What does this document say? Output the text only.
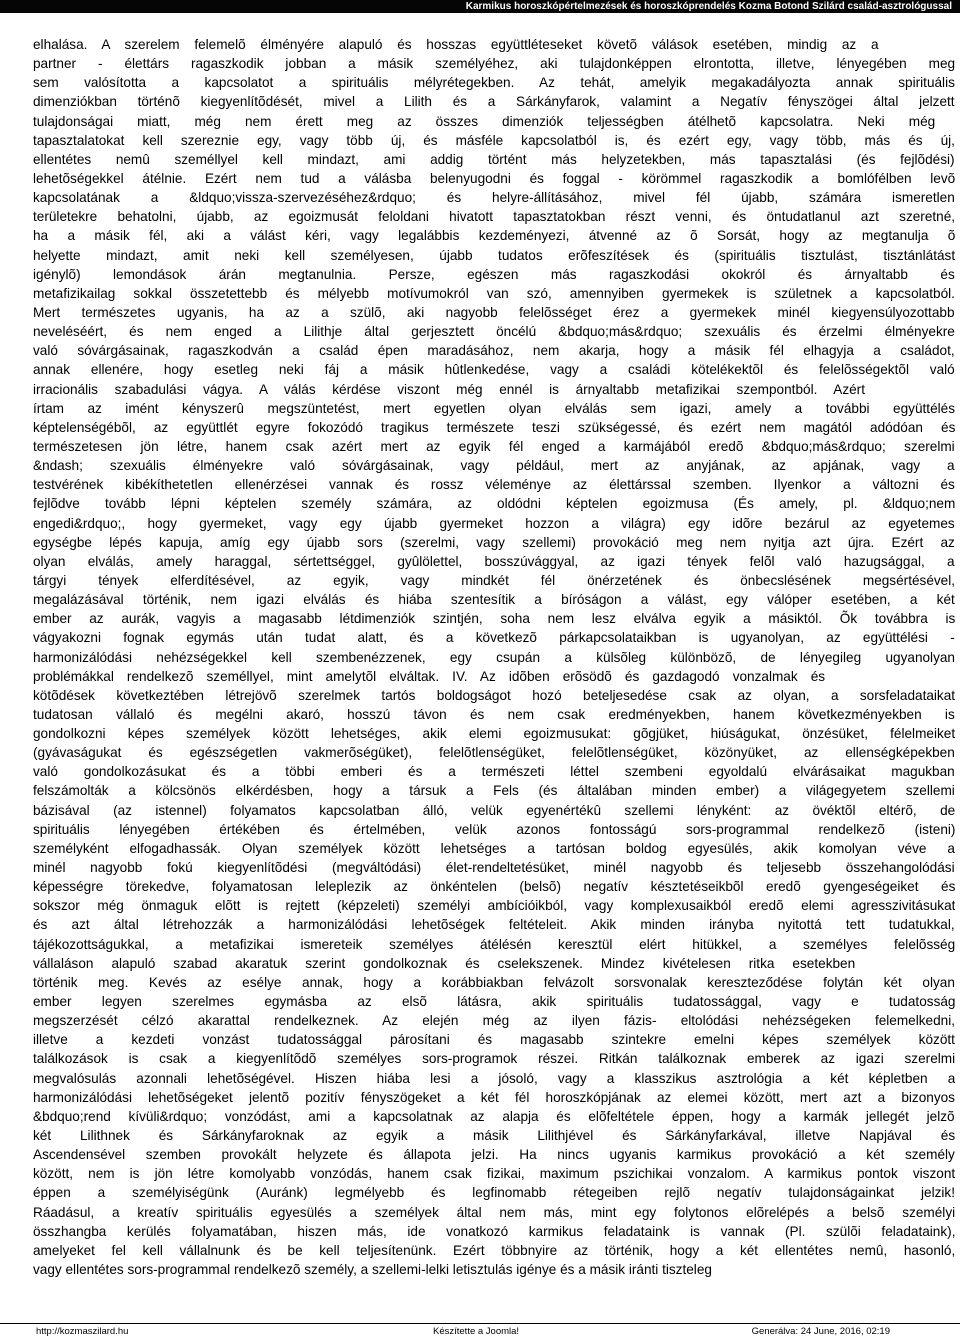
Karmikus horoszkópértelmezések és horoszkóprendelés Kozma Botond Szilárd család-asztrológussal
elhalása. A szerelem felemelõ élményére alapuló és hosszas együttléteseket követõ válások esetében, mindig az a
partner - élettárs ragaszkodik jobban a másik személyéhez, aki tulajdonképpen elrontotta, illetve, lényegében meg
sem valósította a kapcsolatot a spirituális mélyrétegekben. Az tehát, amelyik megakadályozta annak spirituális
dimenziókban történõ kiegyenlítõdését, mivel a Lilith és a Sárkányfarok, valamint a Negatív fényszögei által jelzett
tulajdonságai miatt, még nem érett meg az összes dimenziók teljességben átélhetõ kapcsolatra. Neki még
tapasztalatokat kell szereznie egy, vagy több új, és másféle kapcsolatból is, és ezért egy, vagy több, más és új,
ellentétes nemû személlyel kell mindazt, ami addig történt más helyzetekben, más tapasztalási (és fejlõdési)
lehetõségekkel átélnie. Ezért nem tud a válásba belenyugodni és foggal - körömmel ragaszkodik a bomlófélben levõ
kapcsolatának a &ldquo;vissza-szervezéséhez&rdquo; és helyre-állításához, mivel fél újabb, számára ismeretlen
területekre behatolni, újabb, az egoizmusát feloldani hivatott tapasztatokban részt venni, és öntudatlanul azt szeretné,
ha a másik fél, aki a válást kéri, vagy legalábbis kezdeményezi, átvenné az õ Sorsát, hogy az megtanulja õ
helyette mindazt, amit neki kell személyesen, újabb tudatos erõfeszítések és (spirituális tisztulást, tisztánlátást
igénylõ) lemondások árán megtanulnia. Persze, egészen más ragaszkodási okokról és árnyaltabb és
metafizikailag sokkal összetettebb és mélyebb motívumokról van szó, amennyiben gyermekek is születnek a kapcsolatból.
Mert természetes ugyanis, ha az a szülõ, aki nagyobb felelõsséget érez a gyermekek minél kiegyensúlyozottabb
neveléséért, és nem enged a Lilithje által gerjesztett öncélú &bdquo;más&rdquo; szexuális és érzelmi élményekre
való sóvárgásainak, ragaszkodván a család épen maradásához, nem akarja, hogy a másik fél elhagyja a családot,
annak ellenére, hogy esetleg neki fáj a másik hûtlenkedése, vagy a családi kötelékektõl és felelõsségektõl való
irracionális szabadulási vágya. A válás kérdése viszont még ennél is árnyaltabb metafizikai szempontból. Azért
írtam az imént kényszerû megszüntetést, mert egyetlen olyan elválás sem igazi, amely a további együttélés
képtelenségébõl, az együttlét egyre fokozódó tragikus természete teszi szükségessé, és ezért nem magától adódóan és
természetesen jön létre, hanem csak azért mert az egyik fél enged a karmájából eredõ &bdquo;más&rdquo; szerelmi
&ndash; szexuális élményekre való sóvárgásainak, vagy például, mert az anyjának, az apjának, vagy a
testvérének kibékíthetetlen ellenérzései vannak és rossz véleménye az élettárssal szemben. Ilyenkor a változni és
fejlõdve tovább lépni képtelen személy számára, az oldódni képtelen egoizmusa (És amely, pl. &ldquo;nem
engedi&rdquo;, hogy gyermeket, vagy egy újabb gyermeket hozzon a világra) egy idõre bezárul az egyetemes
egységbe lépés kapuja, amíg egy újabb sors (szerelmi, vagy szellemi) provokáció meg nem nyitja azt újra. Ezért az
olyan elválás, amely haraggal, sértettséggel, gyûlölettel, bosszúvággyal, az igazi tények felõl való hazugsággal, a
tárgyi tények elferdítésével, az egyik, vagy mindkét fél önérzetének és önbecslésének megsértésével,
megalázásával történik, nem igazi elválás és hiába szentesítik a bíróságon a válást, egy válóper esetében, a két
ember az aurák, vagyis a magasabb létdimenziók szintjén, soha nem lesz elválva egyik a másiktól. Õk továbbra is
vágyakozni fognak egymás után tudat alatt, és a következõ párkapcsolataikban is ugyanolyan, az együttélési -
harmonizálódási nehézségekkel kell szembenézzenek, egy csupán a külsõleg különbözõ, de lényegileg ugyanolyan
problémákkal rendelkezõ személlyel, mint amelytõl elváltak. IV. Az idõben erõsödõ és gazdagodó vonzalmak és
kötõdések következtében létrejövõ szerelmek tartós boldogságot hozó beteljesedése csak az olyan, a sorsfeladataikat
tudatosan vállaló és megélni akaró, hosszú távon és nem csak eredményekben, hanem következményekben is
gondolkozni képes személyek között lehetséges, akik elemi egoizmusukat: gõgjüket, hiúságukat, önzésüket, félelmeiket
(gyávaságukat és egészségetlen vakmerõségüket), felelõtlenségüket, felelõtlenségüket, közönyüket, az ellenségképekben
való gondolkozásukat és a többi emberi és a természeti léttel szembeni egyoldalú elvárásaikat magukban
felszámolták a kölcsönös elkérdésben, hogy a társuk a Fels (és általában minden ember) a világegyetem szellemi
bázisával (az istennel) folyamatos kapcsolatban álló, velük egyenértékû szellemi lényként: az övéktõl eltérõ, de
spirituális lényegében értékében és értelmében, velük azonos fontosságú sors-programmal rendelkezõ (isteni)
személyként elfogadhassák. Olyan személyek között lehetséges a tartósan boldog egyesülés, akik komolyan véve a
minél nagyobb fokú kiegyenlítõdési (megváltódási) élet-rendeltetésüket, minél nagyobb és teljesebb összehangolódási
képességre törekedve, folyamatosan leleplezik az önkéntelen (belsõ) negatív késztetéseikbõl eredõ gyengeségeiket és
sokszor még önmaguk elõtt is rejtett (képzeleti) személyi ambícióikból, vagy komplexusaikból eredõ elemi agresszivitásukat
és azt által létrehozzák a harmonizálódási lehetõségek feltételeit. Akik minden irányba nyitottá tett tudatukkal,
tájékozottságukkal, a metafizikai ismereteik személyes átélésén keresztül elért hitükkel, a személyes felelõsség
vállaláson alapuló szabad akaratuk szerint gondolkoznak és cselekszenek. Mindez kivételesen ritka esetekben
történik meg. Kevés az esélye annak, hogy a korábbiakban felvázolt sorsvonalak kereszteződése folytán két olyan
ember legyen szerelmes egymásba az elsõ látásra, akik spirituális tudatossággal, vagy e tudatosság
megszerzését célzó akarattal rendelkeznek. Az elején még az ilyen fázis- eltolódási nehézségeken felemelkedni,
illetve a kezdeti vonzást tudatossággal párosítani és magasabb szintekre emelni képes személyek között
találkozások is csak a kiegyenlítõdõ személyes sors-programok részei. Ritkán találkoznak emberek az igazi szerelmi
megvalósulás azonnali lehetõségével. Hiszen hiába lesi a jósoló, vagy a klasszikus asztrológia a két képletben a
harmonizálódási lehetõségeket jelentõ pozitív fényszögeket a két fél horoszkópjának az elemei között, mert azt a bizonyos
&bdquo;rend kívüli&rdquo; vonzódást, ami a kapcsolatnak az alapja és elõfeltétele éppen, hogy a karmák jellegét jelzõ
két Lilithnek és Sárkányfaroknak az egyik a másik Lilithjével és Sárkányfarkával, illetve Napjával és
Ascendensével szemben provokált helyzete és állapota jelzi. Ha nincs ugyanis karmikus provokáció a két személy
között, nem is jön létre komolyabb vonzódás, hanem csak fizikai, maximum pszichikai vonzalom. A karmikus pontok viszont
éppen a személyiségünk (Auránk) legmélyebb és legfinomabb rétegeiben rejlõ negatív tulajdonságainkat jelzik!
Ráadásul, a kreatív spirituális egyesülés a személyek által nem más, mint egy folytonos elõrelépés a belsõ személyi
összhangba kerülés folyamatában, hiszen más, ide vonatkozó karmikus feladataink is vannak (Pl. szülõi feladataink),
amelyeket fel kell vállalnunk és be kell teljesítenünk. Ezért többnyire az történik, hogy a két ellentétes nemû, hasonló,
vagy ellentétes sors-programmal rendelkezõ személy, a szellemi-lelki letisztulás igénye és a másik iránti tiszteleg
http://kozmaszilard.hu	Készítette a Joomla!	Generálva: 24 June, 2016, 02:19
